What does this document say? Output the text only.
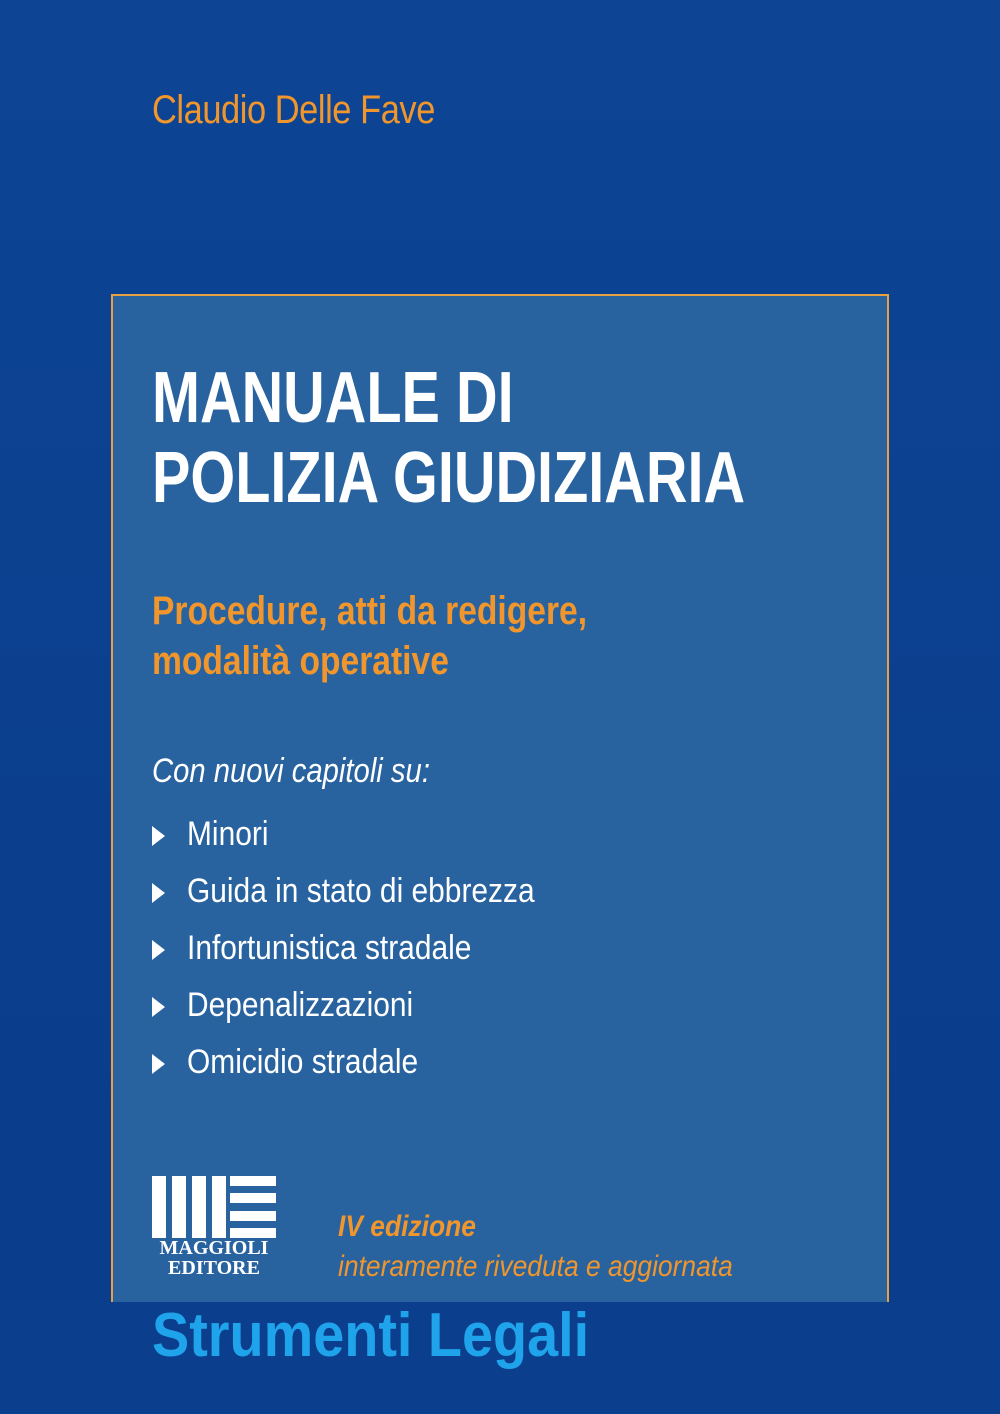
Claudio Delle Fave
MANUALE DI
POLIZIA GIUDIZIARIA
Procedure, atti da redigere,
modalità operative
Con nuovi capitoli su:
Minori
Guida in stato di ebbrezza
Infortunistica stradale
Depenalizzazioni
Omicidio stradale
MAGGIOLI
EDITORE
IV edizione
interamente riveduta e aggiornata
Strumenti Legali
